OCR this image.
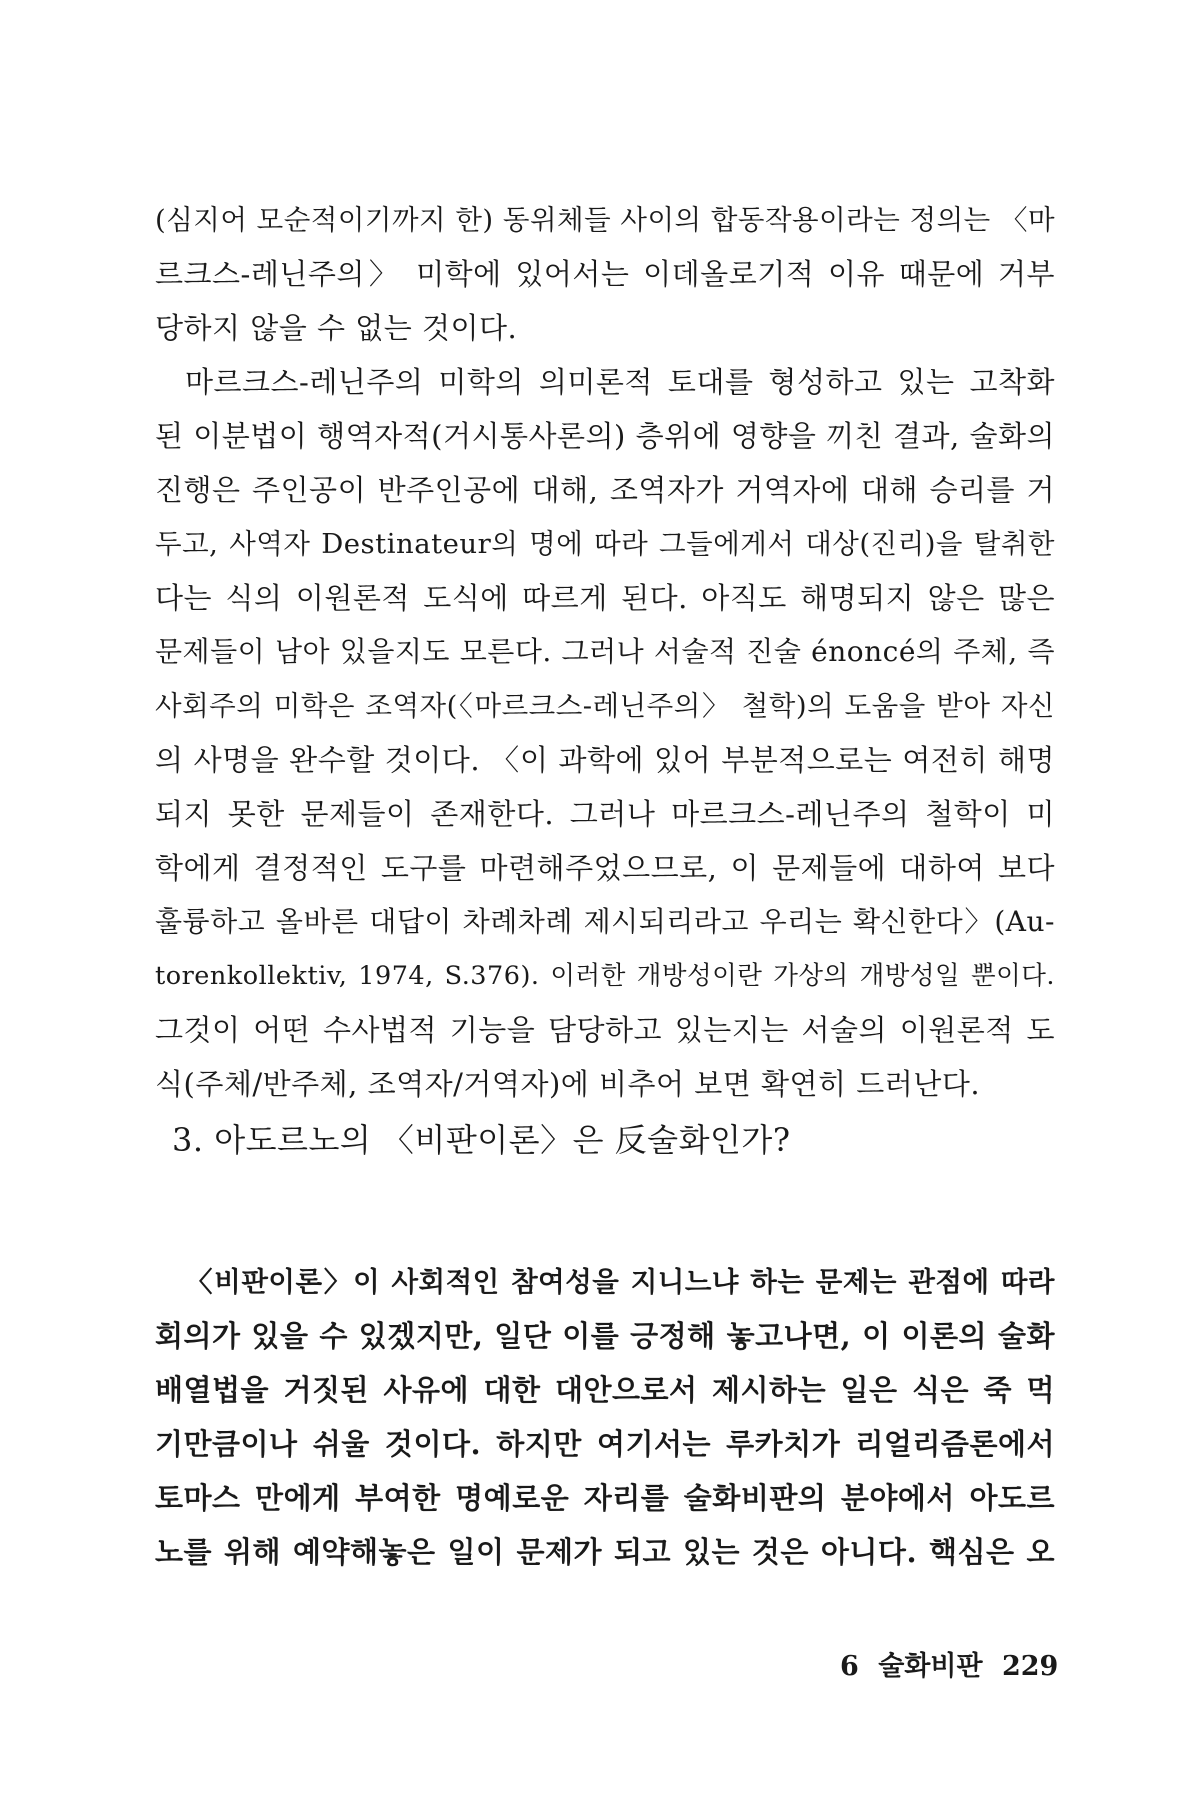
(심지어 모순적이기까지 한) 동위체들 사이의 합동작용이라는 정의는 〈마
르크스-레닌주의〉 미학에 있어서는 이데올로기적 이유 때문에 거부
당하지 않을 수 없는 것이다.
마르크스-레닌주의 미학의 의미론적 토대를 형성하고 있는 고착화
된 이분법이 행역자적(거시통사론의) 층위에 영향을 끼친 결과, 술화의
진행은 주인공이 반주인공에 대해, 조역자가 거역자에 대해 승리를 거
두고, 사역자 Destinateur의 명에 따라 그들에게서 대상(진리)을 탈취한
다는 식의 이원론적 도식에 따르게 된다. 아직도 해명되지 않은 많은
문제들이 남아 있을지도 모른다. 그러나 서술적 진술 énoncé의 주체, 즉
사회주의 미학은 조역자(〈마르크스-레닌주의〉 철학)의 도움을 받아 자신
의 사명을 완수할 것이다. 〈이 과학에 있어 부분적으로는 여전히 해명
되지 못한 문제들이 존재한다. 그러나 마르크스-레닌주의 철학이 미
학에게 결정적인 도구를 마련해주었으므로, 이 문제들에 대하여 보다
훌륭하고 올바른 대답이 차례차례 제시되리라고 우리는 확신한다〉(Au-
torenkollektiv, 1974, S.376). 이러한 개방성이란 가상의 개방성일 뿐이다.
그것이 어떤 수사법적 기능을 담당하고 있는지는 서술의 이원론적 도
식(주체/반주체, 조역자/거역자)에 비추어 보면 확연히 드러난다.
3. 아도르노의 〈비판이론〉은 反술화인가?
〈비판이론〉이 사회적인 참여성을 지니느냐 하는 문제는 관점에 따라
회의가 있을 수 있겠지만, 일단 이를 긍정해 놓고나면, 이 이론의 술화
배열법을 거짓된 사유에 대한 대안으로서 제시하는 일은 식은 죽 먹
기만큼이나 쉬울 것이다. 하지만 여기서는 루카치가 리얼리즘론에서
토마스 만에게 부여한 명예로운 자리를 술화비판의 분야에서 아도르
노를 위해 예약해놓은 일이 문제가 되고 있는 것은 아니다. 핵심은 오
6 술화비판 229
